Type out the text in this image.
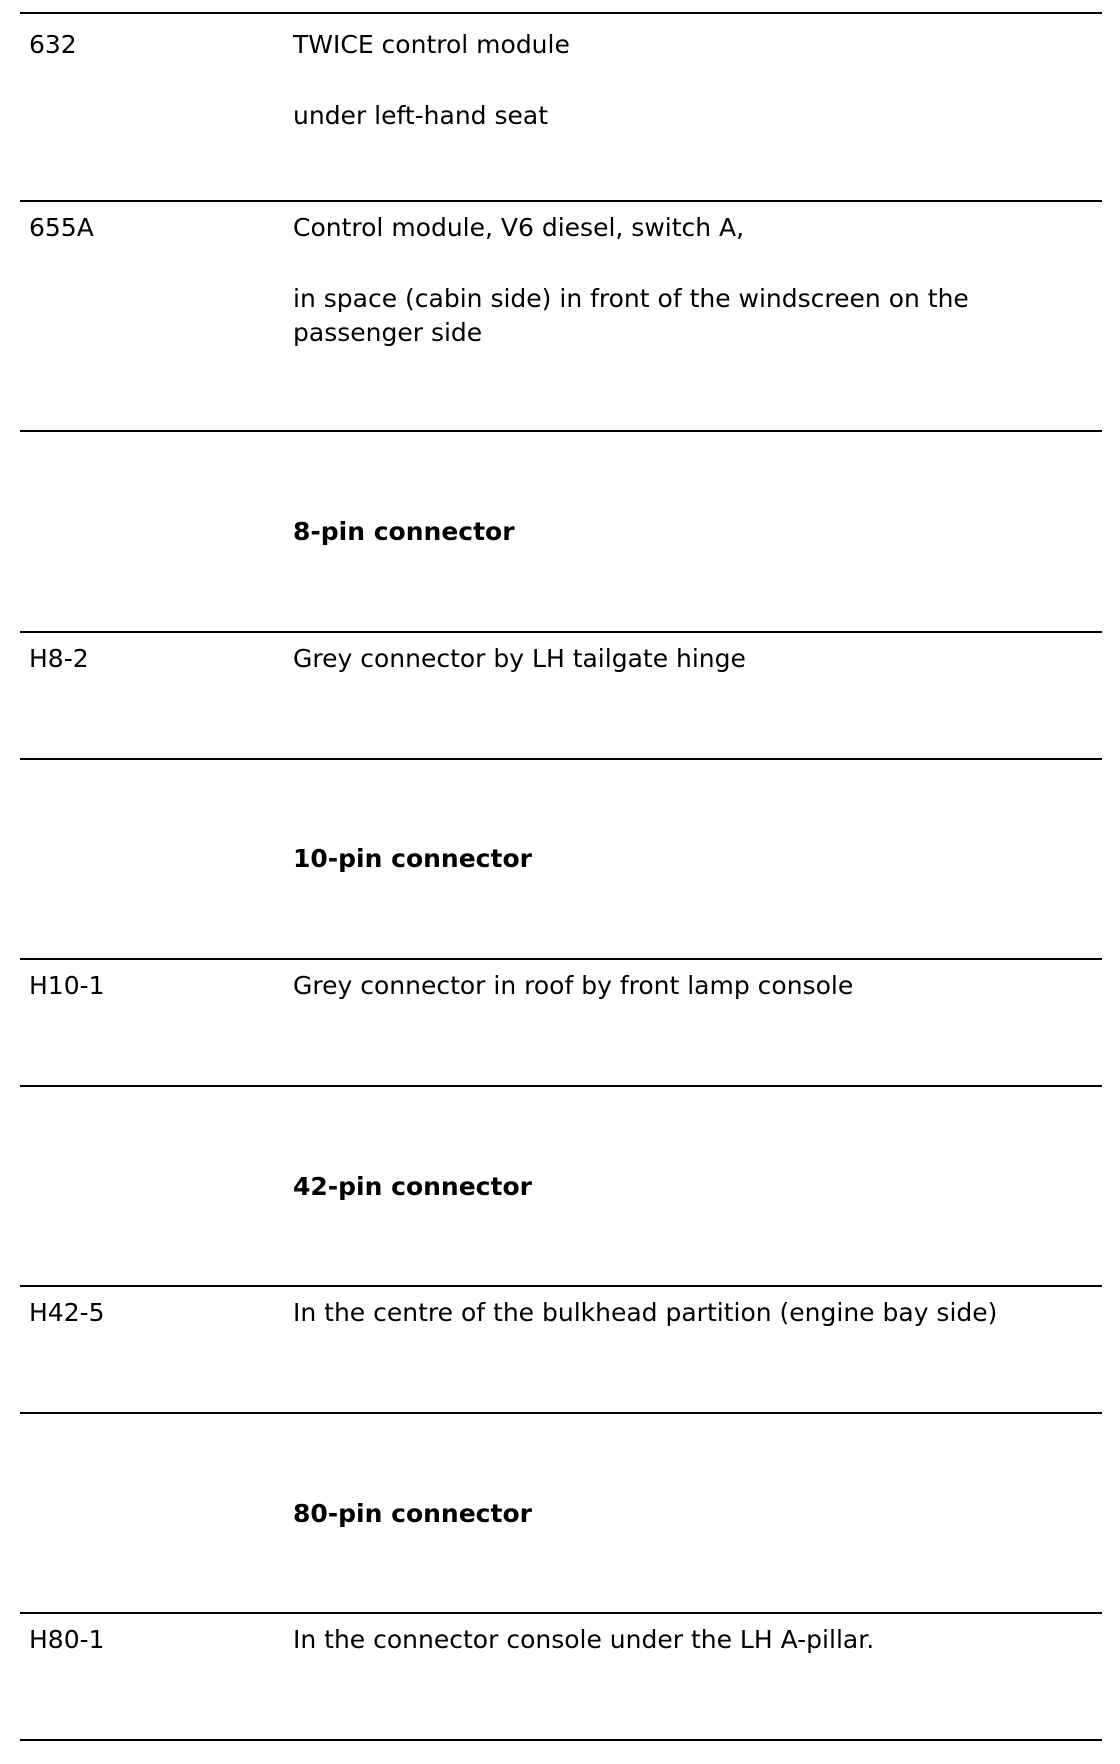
632	TWICE control module
under left-hand seat
655A	Control module, V6 diesel, switch A,
in space (cabin side) in front of the windscreen on the
passenger side
8-pin connector
H8-2	Grey connector by LH tailgate hinge
10-pin connector
H10-1	Grey connector in roof by front lamp console
42-pin connector
H42-5	In the centre of the bulkhead partition (engine bay side)
80-pin connector
H80-1	In the connector console under the LH A-pillar.
